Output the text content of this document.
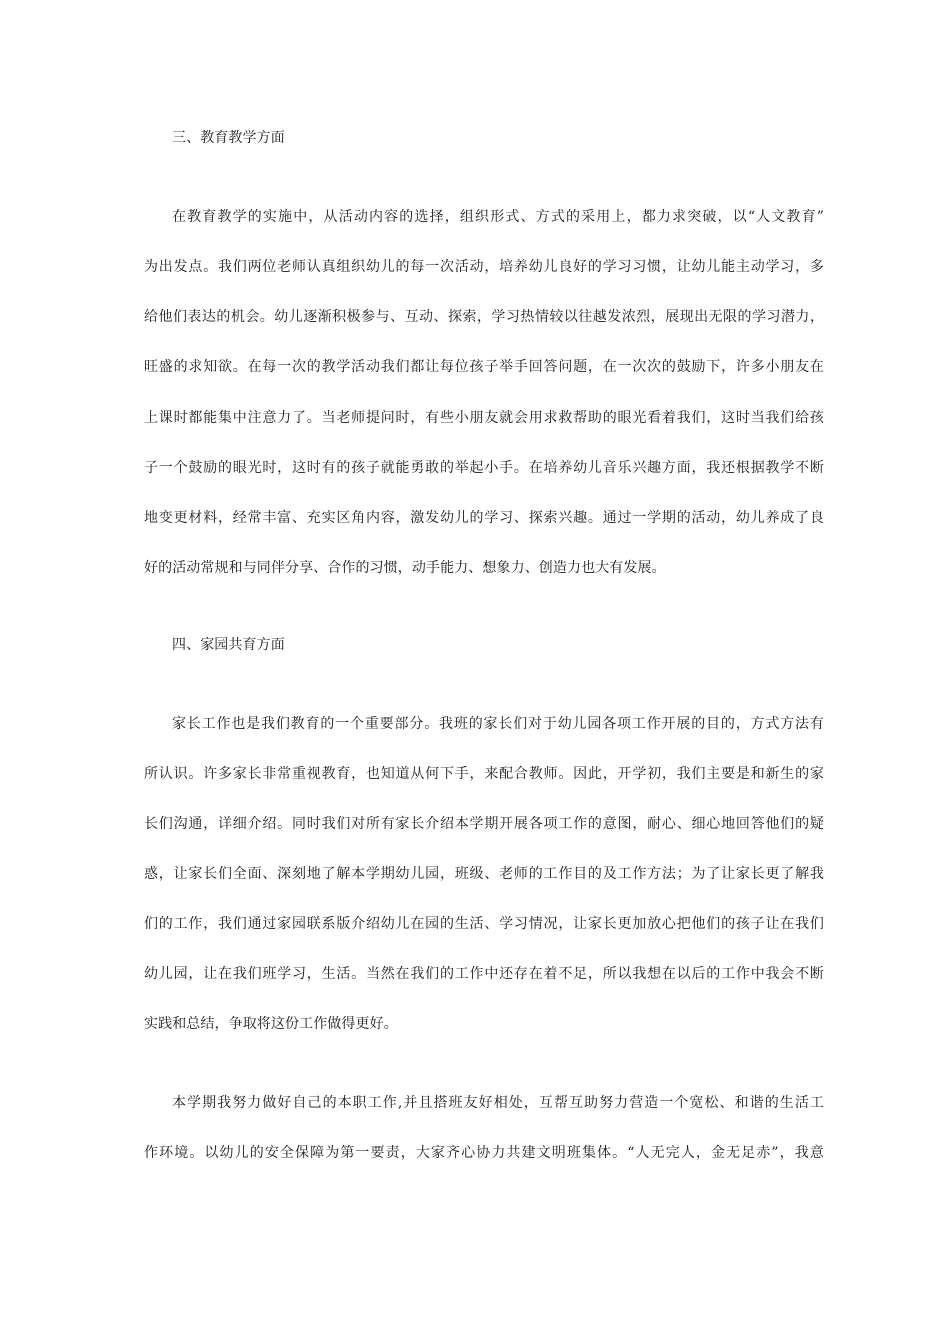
三、教育教学方面
在教育教学的实施中，从活动内容的选择，组织形式、方式的采用上，都力求突破，以“人文教育”
为出发点。我们两位老师认真组织幼儿的每一次活动，培养幼儿良好的学习习惯，让幼儿能主动学习，多
给他们表达的机会。幼儿逐渐积极参与、互动、探索，学习热情较以往越发浓烈，展现出无限的学习潜力，
旺盛的求知欲。在每一次的教学活动我们都让每位孩子举手回答问题，在一次次的鼓励下，许多小朋友在
上课时都能集中注意力了。当老师提问时，有些小朋友就会用求救帮助的眼光看着我们，这时当我们给孩
子一个鼓励的眼光时，这时有的孩子就能勇敢的举起小手。在培养幼儿音乐兴趣方面，我还根据教学不断
地变更材料，经常丰富、充实区角内容，激发幼儿的学习、探索兴趣。通过一学期的活动，幼儿养成了良
好的活动常规和与同伴分享、合作的习惯，动手能力、想象力、创造力也大有发展。
四、家园共育方面
家长工作也是我们教育的一个重要部分。我班的家长们对于幼儿园各项工作开展的目的，方式方法有
所认识。许多家长非常重视教育，也知道从何下手，来配合教师。因此，开学初，我们主要是和新生的家
长们沟通，详细介绍。同时我们对所有家长介绍本学期开展各项工作的意图，耐心、细心地回答他们的疑
惑，让家长们全面、深刻地了解本学期幼儿园，班级、老师的工作目的及工作方法；为了让家长更了解我
们的工作，我们通过家园联系版介绍幼儿在园的生活、学习情况，让家长更加放心把他们的孩子让在我们
幼儿园，让在我们班学习，生活。当然在我们的工作中还存在着不足，所以我想在以后的工作中我会不断
实践和总结，争取将这份工作做得更好。
本学期我努力做好自己的本职工作,并且搭班友好相处，互帮互助努力营造一个宽松、和谐的生活工
作环境。以幼儿的安全保障为第一要责，大家齐心协力共建文明班集体。“人无完人，金无足赤”，我意
